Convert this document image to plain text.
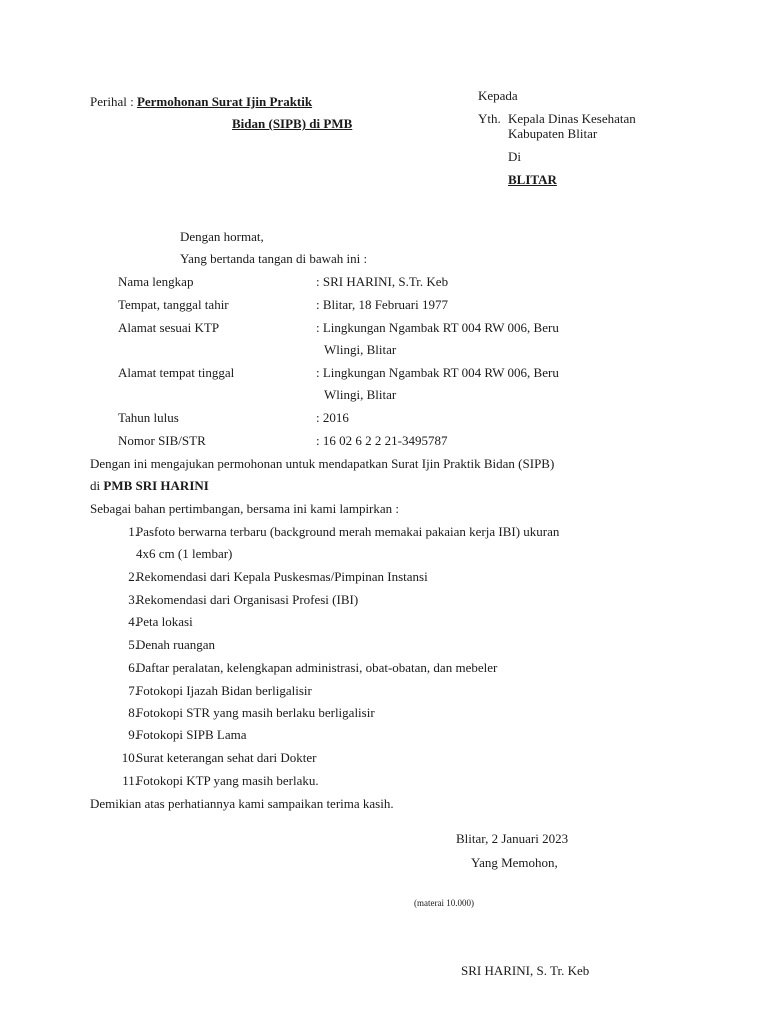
Perihal : Permohonan Surat Ijin Praktik
Bidan (SIPB) di PMB
Kepada
Yth. Kepala Dinas Kesehatan
Kabupaten Blitar
Di
BLITAR
Dengan hormat,
Yang bertanda tangan di bawah ini :
Nama lengkap	: SRI HARINI, S.Tr. Keb
Tempat, tanggal tahir	: Blitar, 18 Februari 1977
Alamat sesuai KTP	: Lingkungan Ngambak RT 004 RW 006, Beru
Wlingi, Blitar
Alamat tempat tinggal	: Lingkungan Ngambak RT 004 RW 006, Beru
Wlingi, Blitar
Tahun lulus	: 2016
Nomor SIB/STR	: 16 02 6 2 2 21-3495787
Dengan ini mengajukan permohonan untuk mendapatkan Surat Ijin Praktik Bidan (SIPB)
di PMB SRI HARINI
Sebagai bahan pertimbangan, bersama ini kami lampirkan :
1.
Pasfoto berwarna terbaru (background merah memakai pakaian kerja IBI) ukuran
4x6 cm (1 lembar)
2.
Rekomendasi dari Kepala Puskesmas/Pimpinan Instansi
3.
Rekomendasi dari Organisasi Profesi (IBI)
4.
Peta lokasi
5.
Denah ruangan
6.
Daftar peralatan, kelengkapan administrasi, obat-obatan, dan mebeler
7.
Fotokopi Ijazah Bidan berligalisir
8.
Fotokopi STR yang masih berlaku berligalisir
9.
Fotokopi SIPB Lama
10.
Surat keterangan sehat dari Dokter
11.
Fotokopi KTP yang masih berlaku.
Demikian atas perhatiannya kami sampaikan terima kasih.
Blitar, 2 Januari 2023
Yang Memohon,
(materai 10.000)
SRI HARINI, S. Tr. Keb
